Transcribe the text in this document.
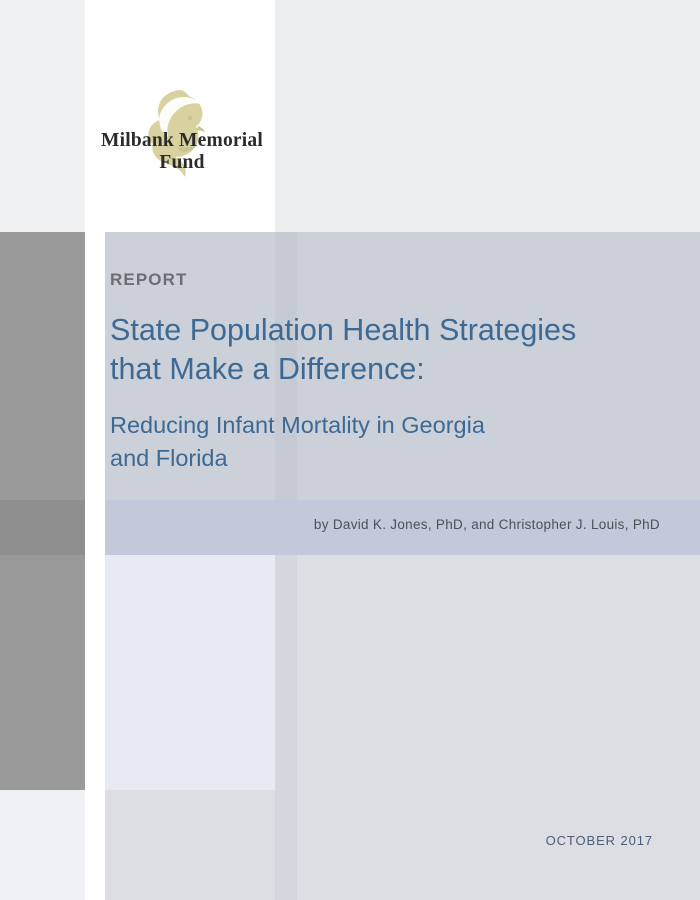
Milbank Memorial Fund
REPORT
State Population Health Strategies
that Make a Difference:
Reducing Infant Mortality in Georgia
and Florida
by David K. Jones, PhD, and Christopher J. Louis, PhD
OCTOBER 2017
